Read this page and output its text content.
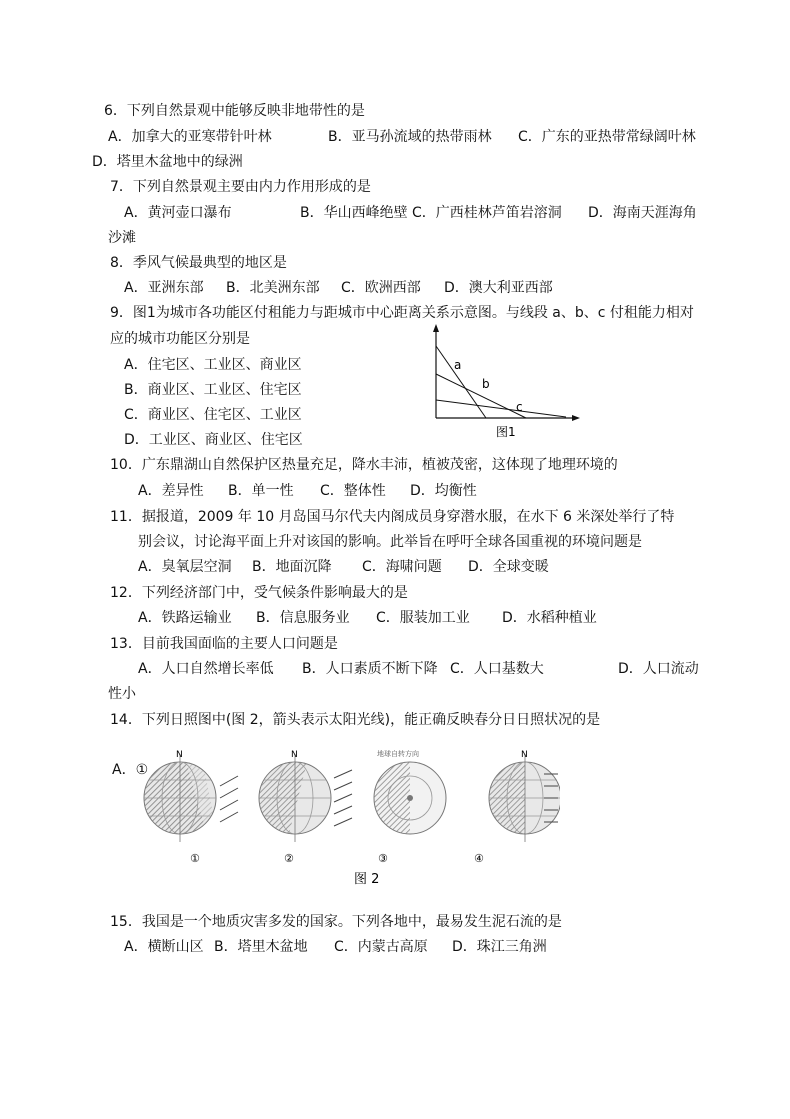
6．下列自然景观中能够反映非地带性的是
A．加拿大的亚寒带针叶林	B．亚马孙流域的热带雨林 C．广东的亚热带常绿阔叶林
D．塔里木盆地中的绿洲
7．下列自然景观主要由内力作用形成的是
A．黄河壶口瀑布	B．华山西峰绝壁 C．广西桂林芦笛岩溶洞 D．海南天涯海角
沙滩
8．季风气候最典型的地区是
A．亚洲东部 B．北美洲东部 C．欧洲西部 D．澳大利亚西部
9．图1为城市各功能区付租能力与距城市中心距离关系示意图。与线段 a、b、c 付租能力相对
应的城市功能区分别是
A．住宅区、工业区、商业区
B．商业区、工业区、住宅区
C．商业区、住宅区、工业区
D．工业区、商业区、住宅区
a
b
c
图1
10．广东鼎湖山自然保护区热量充足，降水丰沛，植被茂密，这体现了地理环境的
A．差异性 B．单一性 C．整体性 D．均衡性
11．据报道，2009 年 10 月岛国马尔代夫内阁成员身穿潜水服，在水下 6 米深处举行了特
别会议，讨论海平面上升对该国的影响。此举旨在呼吁全球各国重视的环境问题是
A．臭氧层空洞 B．地面沉降 C．海啸问题 D．全球变暖
12．下列经济部门中，受气候条件影响最大的是
A．铁路运输业 B．信息服务业 C．服装加工业 D．水稻种植业
13．目前我国面临的主要人口问题是
A．人口自然增长率低 B．人口素质不断下降 C．人口基数大	D．人口流动
性小
14．下列日照图中(图 2，箭头表示太阳光线)，能正确反映春分日日照状况的是
A．①
N
①
N
②
地球自转方向
③
N
④
图 2
15．我国是一个地质灾害多发的国家。下列各地中，最易发生泥石流的是
A．横断山区 B．塔里木盆地 C．内蒙古高原 D．珠江三角洲
